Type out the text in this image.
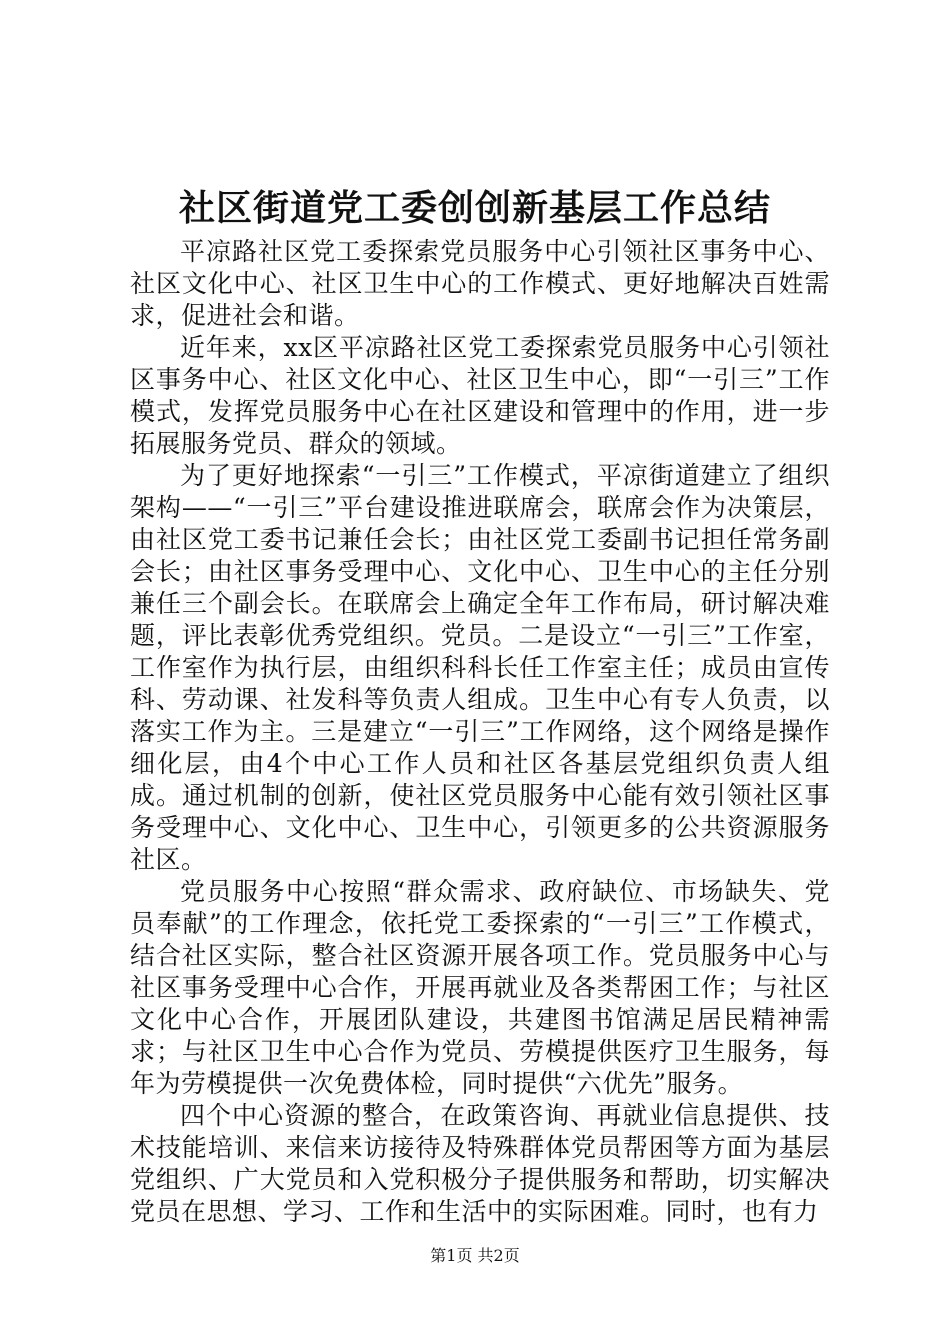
社区街道党工委创创新基层工作总结

平凉路社区党工委探索党员服务中心引领社区事务中心、社区文化中心、社区卫生中心的工作模式、更好地解决百姓需求，促进社会和谐。

近年来，xx区平凉路社区党工委探索党员服务中心引领社区事务中心、社区文化中心、社区卫生中心，即“一引三”工作模式，发挥党员服务中心在社区建设和管理中的作用，进一步拓展服务党员、群众的领域。

为了更好地探索“一引三”工作模式，平凉街道建立了组织架构——“一引三”平台建设推进联席会，联席会作为决策层，由社区党工委书记兼任会长；由社区党工委副书记担任常务副会长；由社区事务受理中心、文化中心、卫生中心的主任分别兼任三个副会长。在联席会上确定全年工作布局，研讨解决难题，评比表彰优秀党组织。党员。二是设立“一引三”工作室，工作室作为执行层，由组织科科长任工作室主任；成员由宣传科、劳动课、社发科等负责人组成。卫生中心有专人负责，以落实工作为主。三是建立“一引三”工作网络，这个网络是操作细化层，由4个中心工作人员和社区各基层党组织负责人组成。通过机制的创新，使社区党员服务中心能有效引领社区事务受理中心、文化中心、卫生中心，引领更多的公共资源服务社区。

党员服务中心按照“群众需求、政府缺位、市场缺失、党员奉献”的工作理念，依托党工委探索的“一引三”工作模式，结合社区实际，整合社区资源开展各项工作。党员服务中心与社区事务受理中心合作，开展再就业及各类帮困工作；与社区文化中心合作，开展团队建设，共建图书馆满足居民精神需求；与社区卫生中心合作为党员、劳模提供医疗卫生服务，每年为劳模提供一次免费体检，同时提供“六优先”服务。

四个中心资源的整合，在政策咨询、再就业信息提供、技术技能培训、来信来访接待及特殊群体党员帮困等方面为基层党组织、广大党员和入党积极分子提供服务和帮助，切实解决党员在思想、学习、工作和生活中的实际困难。同时，也有力

第1页 共2页
